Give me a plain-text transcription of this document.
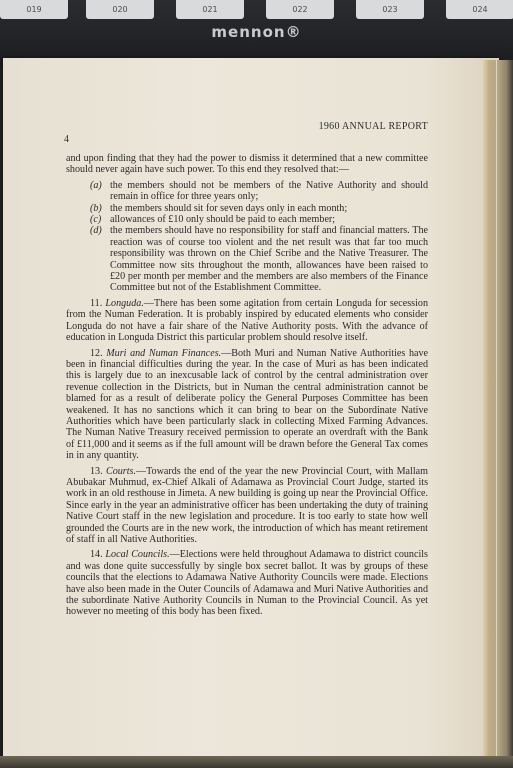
019	020	021	022	023	024
mennon®
4
1960 ANNUAL REPORT

and upon finding that they had the power to dismiss it determined that a new committee should never again have such power. To this end they resolved that:—

(a) the members should not be members of the Native Authority and should remain in office for three years only;
(b) the members should sit for seven days only in each month;
(c) allowances of £10 only should be paid to each member;
(d) the members should have no responsibility for staff and financial matters. The reaction was of course too violent and the net result was that far too much responsibility was thrown on the Chief Scribe and the Native Treasurer. The Committee now sits throughout the month, allowances have been raised to £20 per month per member and the members are also members of the Finance Committee but not of the Establishment Committee.

11. Longuda.—There has been some agitation from certain Longuda for secession from the Numan Federation. It is probably inspired by educated elements who consider Longuda do not have a fair share of the Native Authority posts. With the advance of education in Longuda District this particular problem should resolve itself.

12. Muri and Numan Finances.—Both Muri and Numan Native Authorities have been in financial difficulties during the year. In the case of Muri as has been indicated this is largely due to an inexcusable lack of control by the central administration over revenue collection in the Districts, but in Numan the central administration cannot be blamed for as a result of deliberate policy the General Purposes Committee has been weakened. It has no sanctions which it can bring to bear on the Subordinate Native Authorities which have been particularly slack in collecting Mixed Farming Advances. The Numan Native Treasury received permission to operate an overdraft with the Bank of £11,000 and it seems as if the full amount will be drawn before the General Tax comes in in any quantity.

13. Courts.—Towards the end of the year the new Provincial Court, with Mallam Abubakar Muhmud, ex-Chief Alkali of Adamawa as Provincial Court Judge, started its work in an old resthouse in Jimeta. A new building is going up near the Provincial Office. Since early in the year an administrative officer has been undertaking the duty of training Native Court staff in the new legislation and procedure. It is too early to state how well grounded the Courts are in the new work, the introduction of which has meant retirement of staff in all Native Authorities.

14. Local Councils.—Elections were held throughout Adamawa to district councils and was done quite successfully by single box secret ballot. It was by groups of these councils that the elections to Adamawa Native Authority Councils were made. Elections have also been made in the Outer Councils of Adamawa and Muri Native Authorities and the subordinate Native Authority Councils in Numan to the Provincial Council. As yet however no meeting of this body has been fixed.
